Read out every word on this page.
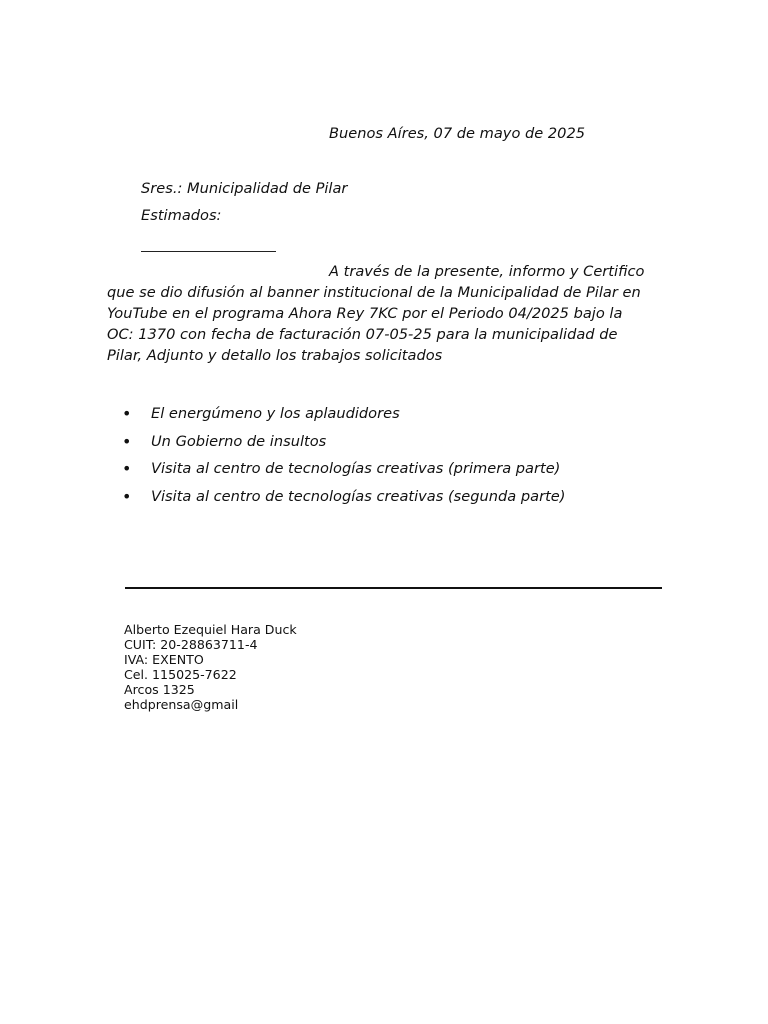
Buenos Aíres, 07 de mayo de 2025
Sres.: Municipalidad de Pilar
Estimados:
A través de la presente, informo y Certifico
que se dio difusión al banner institucional de la Municipalidad de Pilar en
YouTube en el programa Ahora Rey 7KC por el Periodo 04/2025 bajo la
OC: 1370 con fecha de facturación 07-05-25 para la municipalidad de
Pilar, Adjunto y detallo los trabajos solicitados
• El energúmeno y los aplaudidores
• Un Gobierno de insultos
• Visita al centro de tecnologías creativas (primera parte)
• Visita al centro de tecnologías creativas (segunda parte)
Alberto Ezequiel Hara Duck
CUIT: 20-28863711-4
IVA: EXENTO
Cel. 115025-7622
Arcos 1325
ehdprensa@gmail
